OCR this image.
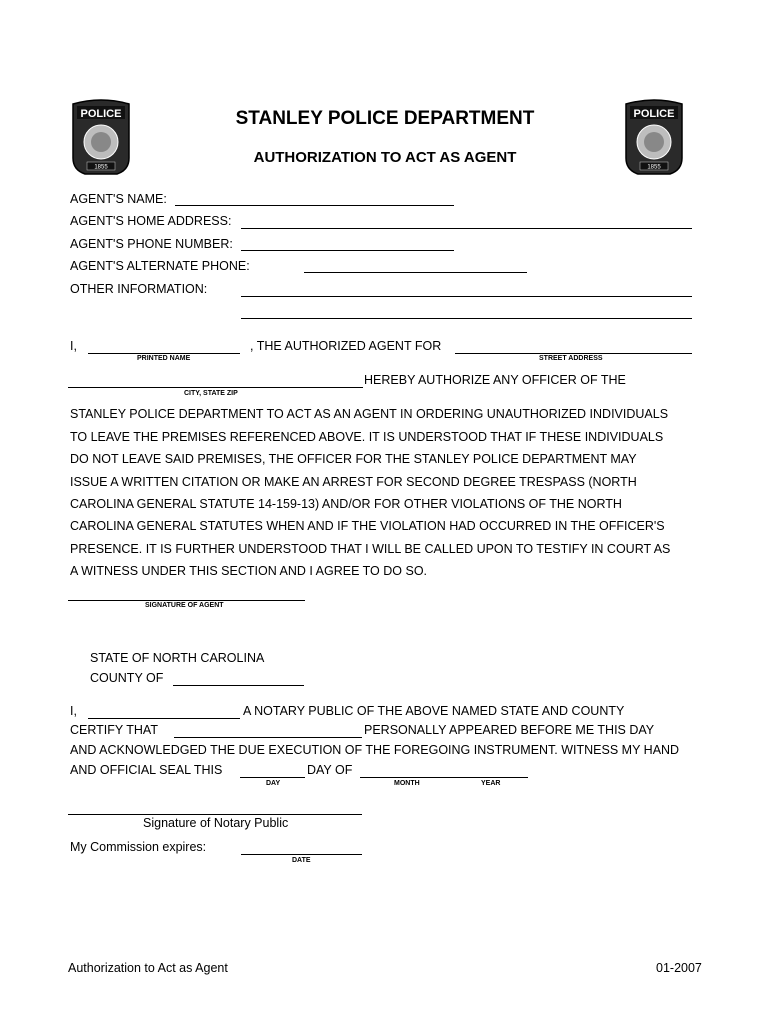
POLICE
1855
POLICE
1855
STANLEY POLICE DEPARTMENT
AUTHORIZATION TO ACT AS AGENT
AGENT'S NAME:
AGENT'S HOME ADDRESS:
AGENT'S PHONE NUMBER:
AGENT'S ALTERNATE PHONE:
OTHER INFORMATION:
I,
PRINTED NAME
, THE AUTHORIZED AGENT FOR
STREET ADDRESS
HEREBY AUTHORIZE ANY OFFICER OF THE
CITY, STATE ZIP
STANLEY POLICE DEPARTMENT TO ACT AS AN AGENT IN ORDERING UNAUTHORIZED INDIVIDUALS
TO LEAVE THE PREMISES REFERENCED ABOVE. IT IS UNDERSTOOD THAT IF THESE INDIVIDUALS
DO NOT LEAVE SAID PREMISES, THE OFFICER FOR THE STANLEY POLICE DEPARTMENT MAY
ISSUE A WRITTEN CITATION OR MAKE AN ARREST FOR SECOND DEGREE TRESPASS (NORTH
CAROLINA GENERAL STATUTE 14-159-13) AND/OR FOR OTHER VIOLATIONS OF THE NORTH
CAROLINA GENERAL STATUTES WHEN AND IF THE VIOLATION HAD OCCURRED IN THE OFFICER'S
PRESENCE. IT IS FURTHER UNDERSTOOD THAT I WILL BE CALLED UPON TO TESTIFY IN COURT AS
A WITNESS UNDER THIS SECTION AND I AGREE TO DO SO.
SIGNATURE OF AGENT
STATE OF NORTH CAROLINA
COUNTY OF
I,	A NOTARY PUBLIC OF THE ABOVE NAMED STATE AND COUNTY
CERTIFY THAT	PERSONALLY APPEARED BEFORE ME THIS DAY
AND ACKNOWLEDGED THE DUE EXECUTION OF THE FOREGOING INSTRUMENT. WITNESS MY HAND
AND OFFICIAL SEAL THIS	DAY OF
DAY	MONTH	YEAR
Signature of Notary Public
My Commission expires:
DATE
Authorization to Act as Agent	01-2007
